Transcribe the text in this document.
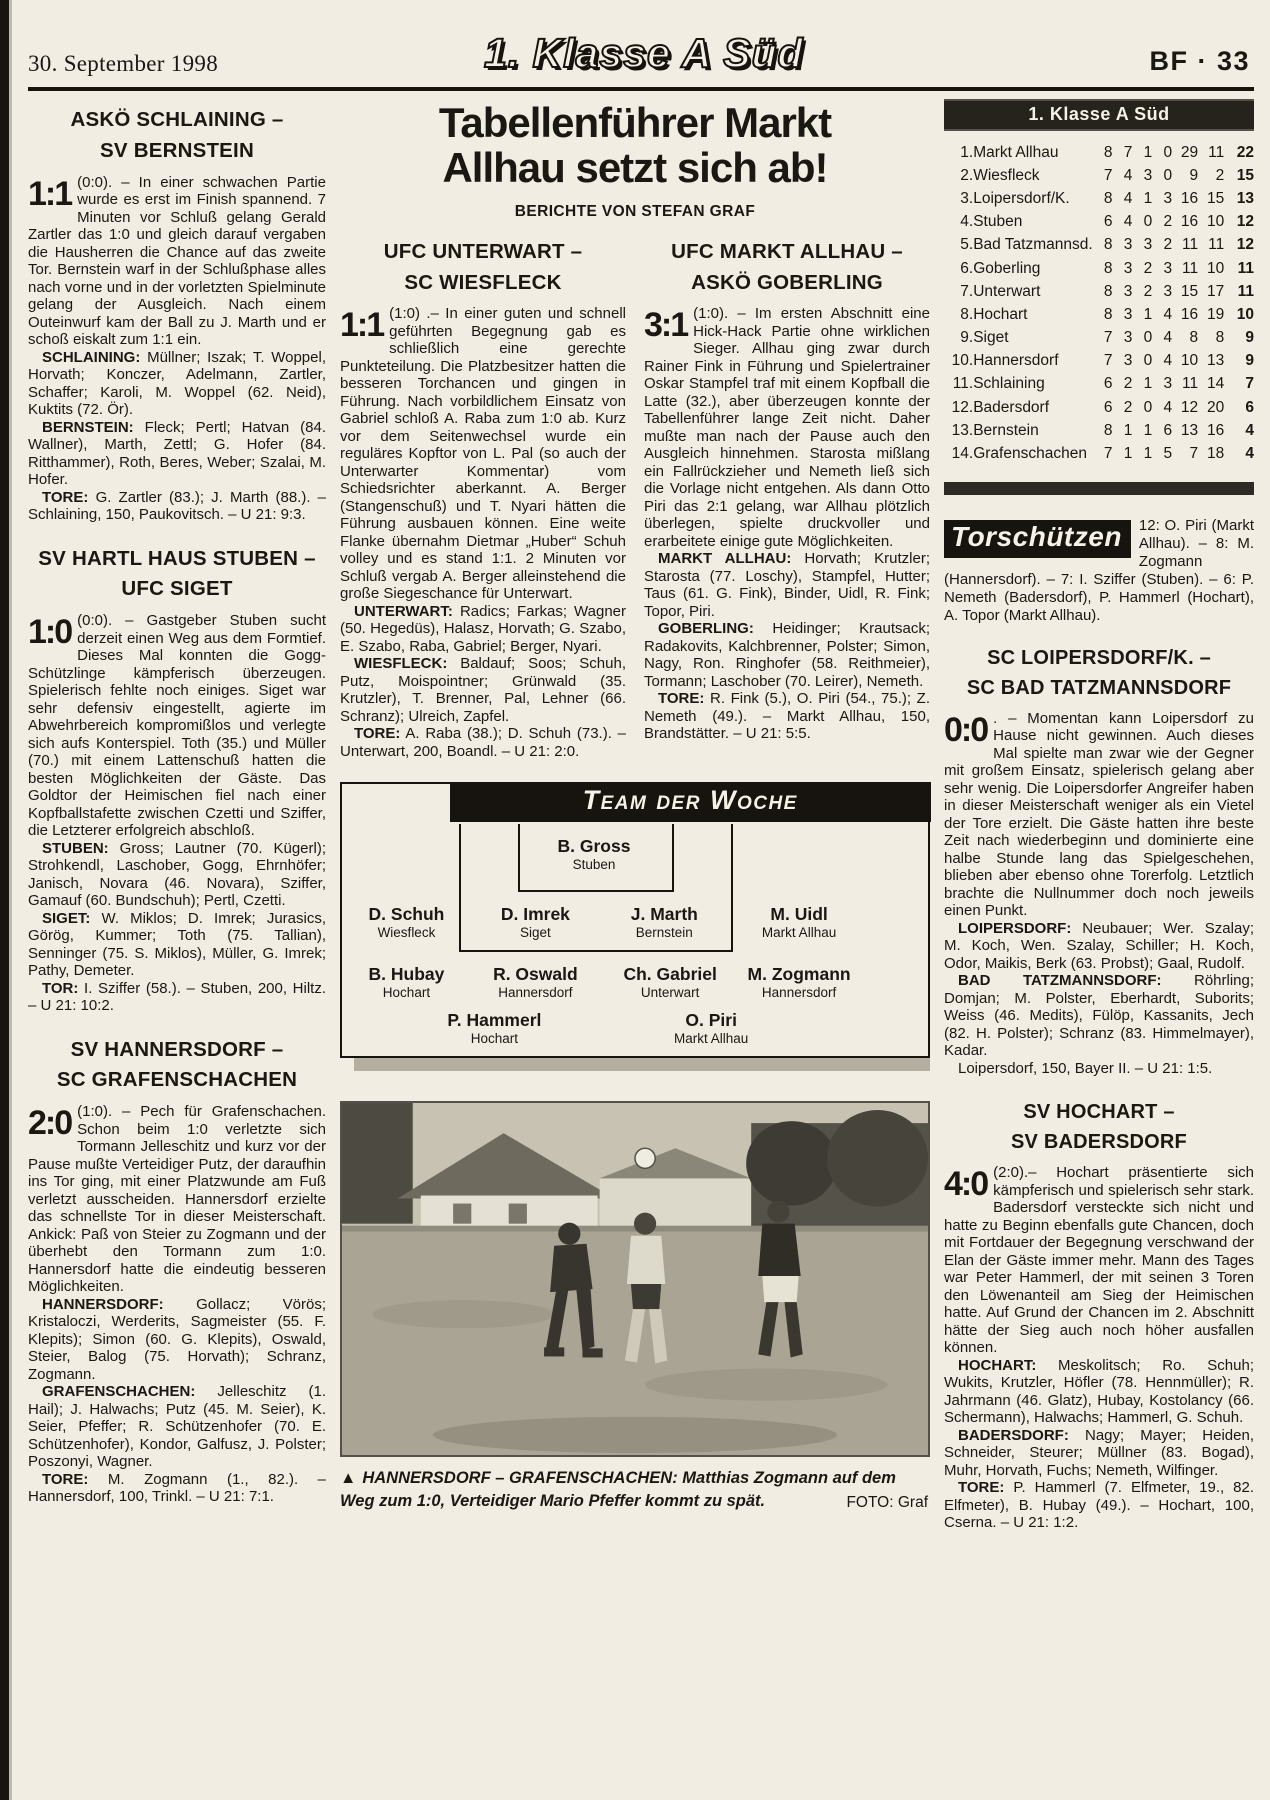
30. September 1998	1. Klasse A Süd	BF · 33
ASKÖ SCHLAINING –
SV BERNSTEIN

1:1 (0:0). – In einer schwachen Partie wurde es erst im Finish spannend. 7 Minuten vor Schluß gelang Gerald Zartler das 1:0 und gleich darauf vergaben die Hausherren die Chance auf das zweite Tor. Bernstein warf in der Schlußphase alles nach vorne und in der vorletzten Spielminute gelang der Ausgleich. Nach einem Outeinwurf kam der Ball zu J. Marth und er schoß eiskalt zum 1:1 ein.

SCHLAINING: Müllner; Iszak; T. Woppel, Horvath; Konczer, Adelmann, Zartler, Schaffer; Karoli, M. Woppel (62. Neid), Kuktits (72. Ör).

BERNSTEIN: Fleck; Pertl; Hatvan (84. Wallner), Marth, Zettl; G. Hofer (84. Ritthammer), Roth, Beres, Weber; Szalai, M. Hofer.

TORE: G. Zartler (83.); J. Marth (88.). – Schlaining, 150, Paukovitsch. – U 21: 9:3.

SV HARTL HAUS STUBEN –
UFC SIGET

1:0 (0:0). – Gastgeber Stuben sucht derzeit einen Weg aus dem Formtief. Dieses Mal konnten die Gogg-Schützlinge kämpferisch überzeugen. Spielerisch fehlte noch einiges. Siget war sehr defensiv eingestellt, agierte im Abwehrbereich kompromißlos und verlegte sich aufs Konterspiel. Toth (35.) und Müller (70.) mit einem Lattenschuß hatten die besten Möglichkeiten der Gäste. Das Goldtor der Heimischen fiel nach einer Kopfballstafette zwischen Czetti und Sziffer, die Letzterer erfolgreich abschloß.

STUBEN: Gross; Lautner (70. Kügerl); Strohkendl, Laschober, Gogg, Ehrnhöfer; Janisch, Novara (46. Novara), Sziffer, Gamauf (60. Bundschuh); Pertl, Czetti.

SIGET: W. Miklos; D. Imrek; Jurasics, Görög, Kummer; Toth (75. Tallian), Senninger (75. S. Miklos), Müller, G. Imrek; Pathy, Demeter.

TOR: I. Sziffer (58.). – Stuben, 200, Hiltz. – U 21: 10:2.

SV HANNERSDORF –
SC GRAFENSCHACHEN

2:0 (1:0). – Pech für Grafenschachen. Schon beim 1:0 verletzte sich Tormann Jelleschitz und kurz vor der Pause mußte Verteidiger Putz, der daraufhin ins Tor ging, mit einer Platzwunde am Fuß verletzt ausscheiden. Hannersdorf erzielte das schnellste Tor in dieser Meisterschaft. Ankick: Paß von Steier zu Zogmann und der überhebt den Tormann zum 1:0. Hannersdorf hatte die eindeutig besseren Möglichkeiten.

HANNERSDORF: Gollacz; Vörös; Kristaloczi, Werderits, Sagmeister (55. F. Klepits); Simon (60. G. Klepits), Oswald, Steier, Balog (75. Horvath); Schranz, Zogmann.

GRAFENSCHACHEN: Jelleschitz (1. Hail); J. Halwachs; Putz (45. M. Seier), K. Seier, Pfeffer; R. Schützenhofer (70. E. Schützenhofer), Kondor, Galfusz, J. Polster; Poszonyi, Wagner.

TORE: M. Zogmann (1., 82.). – Hannersdorf, 100, Trinkl. – U 21: 7:1.

Tabellenführer Markt
Allhau setzt sich ab!
BERICHTE VON STEFAN GRAF
UFC UNTERWART –
SC WIESFLECK

1:1 (1:0) .– In einer guten und schnell geführten Begegnung gab es schließlich eine gerechte Punkteteilung. Die Platzbesitzer hatten die besseren Torchancen und gingen in Führung. Nach vorbildlichem Einsatz von Gabriel schloß A. Raba zum 1:0 ab. Kurz vor dem Seitenwechsel wurde ein reguläres Kopftor von L. Pal (so auch der Unterwarter Kommentar) vom Schiedsrichter aberkannt. A. Berger (Stangenschuß) und T. Nyari hätten die Führung ausbauen können. Eine weite Flanke übernahm Dietmar „Huber“ Schuh volley und es stand 1:1. 2 Minuten vor Schluß vergab A. Berger alleinstehend die große Siegeschance für Unterwart.

UNTERWART: Radics; Farkas; Wagner (50. Hegedüs), Halasz, Horvath; G. Szabo, E. Szabo, Raba, Gabriel; Berger, Nyari.

WIESFLECK: Baldauf; Soos; Schuh, Putz, Moispointner; Grünwald (35. Krutzler), T. Brenner, Pal, Lehner (66. Schranz); Ulreich, Zapfel.

TORE: A. Raba (38.); D. Schuh (73.). – Unterwart, 200, Boandl. – U 21: 2:0.

UFC MARKT ALLHAU –
ASKÖ GOBERLING

3:1 (1:0). – Im ersten Abschnitt eine Hick-Hack Partie ohne wirklichen Sieger. Allhau ging zwar durch Rainer Fink in Führung und Spielertrainer Oskar Stampfel traf mit einem Kopfball die Latte (32.), aber überzeugen konnte der Tabellenführer lange Zeit nicht. Daher mußte man nach der Pause auch den Ausgleich hinnehmen. Starosta mißlang ein Fallrückzieher und Nemeth ließ sich die Vorlage nicht entgehen. Als dann Otto Piri das 2:1 gelang, war Allhau plötzlich überlegen, spielte druckvoller und erarbeitete einige gute Möglichkeiten.

MARKT ALLHAU: Horvath; Krutzler; Starosta (77. Loschy), Stampfel, Hutter; Taus (61. G. Fink), Binder, Uidl, R. Fink; Topor, Piri.

GOBERLING: Heidinger; Krautsack; Radakovits, Kalchbrenner, Polster; Simon, Nagy, Ron. Ringhofer (58. Reithmeier), Tormann; Laschober (70. Leirer), Nemeth.

TORE: R. Fink (5.), O. Piri (54., 75.); Z. Nemeth (49.). – Markt Allhau, 150, Brandstätter. – U 21: 5:5.

Team der Woche
B. Gross
Stuben
D. Schuh
Wiesfleck
D. Imrek
Siget
J. Marth
Bernstein
M. Uidl
Markt Allhau
B. Hubay
Hochart
R. Oswald
Hannersdorf
Ch. Gabriel
Unterwart
M. Zogmann
Hannersdorf
P. Hammerl
Hochart
O. Piri
Markt Allhau
▲ HANNERSDORF – GRAFENSCHACHEN: Matthias Zogmann auf dem Weg zum 1:0, Verteidiger Mario Pfeffer kommt zu spät.	FOTO: Graf
1. Klasse A Süd
1.	Markt Allhau	8	7	1	0	29	11	22
2.	Wiesfleck	7	4	3	0	9	2	15
3.	Loipersdorf/K.	8	4	1	3	16	15	13
4.	Stuben	6	4	0	2	16	10	12
5.	Bad Tatzmannsd.	8	3	3	2	11	11	12
6.	Goberling	8	3	2	3	11	10	11
7.	Unterwart	8	3	2	3	15	17	11
8.	Hochart	8	3	1	4	16	19	10
9.	Siget	7	3	0	4	8	8	9
10.	Hannersdorf	7	3	0	4	10	13	9
11.	Schlaining	6	2	1	3	11	14	7
12.	Badersdorf	6	2	0	4	12	20	6
13.	Bernstein	8	1	1	6	13	16	4
14.	Grafenschachen	7	1	1	5	7	18	4
Torschützen	12: O. Piri (Markt Allhau). – 8: M. Zogmann (Hannersdorf). – 7: I. Sziffer (Stuben). – 6: P. Nemeth (Badersdorf), P. Hammerl (Hochart), A. Topor (Markt Allhau).
SC LOIPERSDORF/K. –
SC BAD TATZMANNSDORF

0:0 . – Momentan kann Loipersdorf zu Hause nicht gewinnen. Auch dieses Mal spielte man zwar wie der Gegner mit großem Einsatz, spielerisch gelang aber sehr wenig. Die Loipersdorfer Angreifer haben in dieser Meisterschaft weniger als ein Vietel der Tore erzielt. Die Gäste hatten ihre beste Zeit nach wiederbeginn und dominierte eine halbe Stunde lang das Spielgeschehen, blieben aber ebenso ohne Torerfolg. Letztlich brachte die Nullnummer doch noch jeweils einen Punkt.

LOIPERSDORF: Neubauer; Wer. Szalay; M. Koch, Wen. Szalay, Schiller; H. Koch, Odor, Maikis, Berk (63. Probst); Gaal, Rudolf.

BAD TATZMANNSDORF: Röhrling; Domjan; M. Polster, Eberhardt, Suborits; Weiss (46. Medits), Fülöp, Kassanits, Jech (82. H. Polster); Schranz (83. Himmelmayer), Kadar.

Loipersdorf, 150, Bayer II. – U 21: 1:5.

SV HOCHART –
SV BADERSDORF

4:0 (2:0).– Hochart präsentierte sich kämpferisch und spielerisch sehr stark. Badersdorf versteckte sich nicht und hatte zu Beginn ebenfalls gute Chancen, doch mit Fortdauer der Begegnung verschwand der Elan der Gäste immer mehr. Mann des Tages war Peter Hammerl, der mit seinen 3 Toren den Löwenanteil am Sieg der Heimischen hatte. Auf Grund der Chancen im 2. Abschnitt hätte der Sieg auch noch höher ausfallen können.

HOCHART: Meskolitsch; Ro. Schuh; Wukits, Krutzler, Höfler (78. Hennmüller); R. Jahrmann (46. Glatz), Hubay, Kostolancy (66. Schermann), Halwachs; Hammerl, G. Schuh.

BADERSDORF: Nagy; Mayer; Heiden, Schneider, Steurer; Müllner (83. Bogad), Muhr, Horvath, Fuchs; Nemeth, Wilfinger.

TORE: P. Hammerl (7. Elfmeter, 19., 82. Elfmeter), B. Hubay (49.). – Hochart, 100, Cserna. – U 21: 1:2.
